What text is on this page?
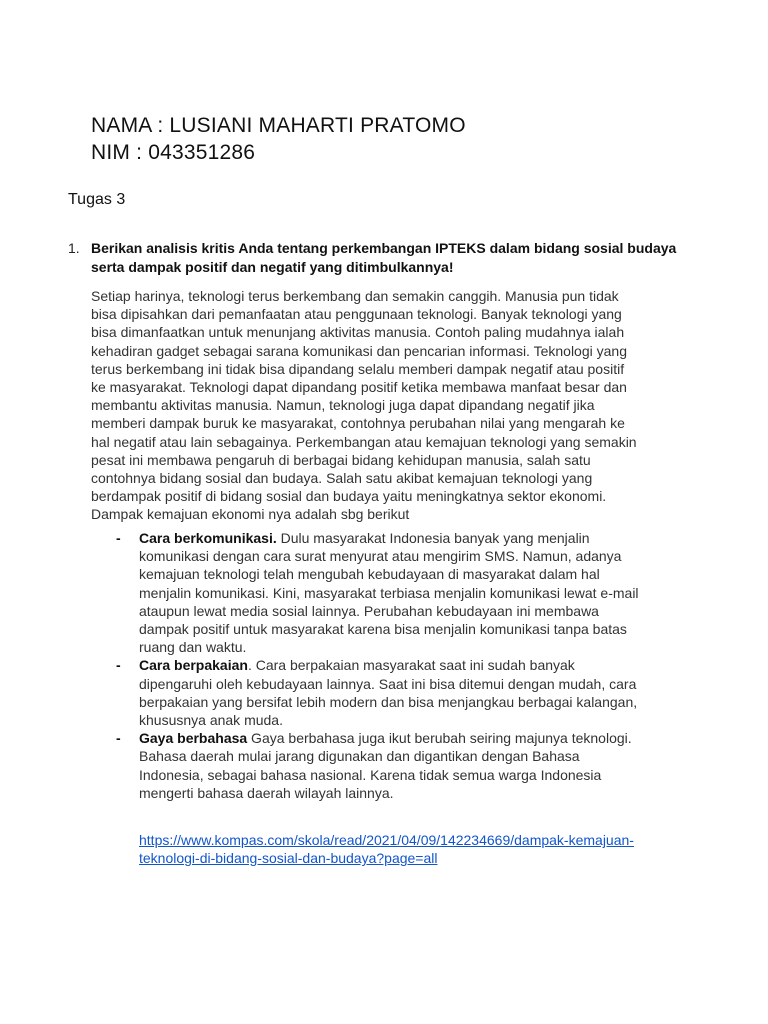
NAMA : LUSIANI MAHARTI PRATOMO
NIM : 043351286
Tugas 3
1. Berikan analisis kritis Anda tentang perkembangan IPTEKS dalam bidang sosial budaya serta dampak positif dan negatif yang ditimbulkannya!
Setiap harinya, teknologi terus berkembang dan semakin canggih. Manusia pun tidak
bisa dipisahkan dari pemanfaatan atau penggunaan teknologi. Banyak teknologi yang
bisa dimanfaatkan untuk menunjang aktivitas manusia. Contoh paling mudahnya ialah
kehadiran gadget sebagai sarana komunikasi dan pencarian informasi. Teknologi yang
terus berkembang ini tidak bisa dipandang selalu memberi dampak negatif atau positif
ke masyarakat. Teknologi dapat dipandang positif ketika membawa manfaat besar dan
membantu aktivitas manusia. Namun, teknologi juga dapat dipandang negatif jika
memberi dampak buruk ke masyarakat, contohnya perubahan nilai yang mengarah ke
hal negatif atau lain sebagainya. Perkembangan atau kemajuan teknologi yang semakin
pesat ini membawa pengaruh di berbagai bidang kehidupan manusia, salah satu
contohnya bidang sosial dan budaya. Salah satu akibat kemajuan teknologi yang
berdampak positif di bidang sosial dan budaya yaitu meningkatnya sektor ekonomi.
Dampak kemajuan ekonomi nya adalah sbg berikut
- Cara berkomunikasi. Dulu masyarakat Indonesia banyak yang menjalin
komunikasi dengan cara surat menyurat atau mengirim SMS. Namun, adanya
kemajuan teknologi telah mengubah kebudayaan di masyarakat dalam hal
menjalin komunikasi. Kini, masyarakat terbiasa menjalin komunikasi lewat e-mail
ataupun lewat media sosial lainnya. Perubahan kebudayaan ini membawa
dampak positif untuk masyarakat karena bisa menjalin komunikasi tanpa batas
ruang dan waktu.
- Cara berpakaian. Cara berpakaian masyarakat saat ini sudah banyak
dipengaruhi oleh kebudayaan lainnya. Saat ini bisa ditemui dengan mudah, cara
berpakaian yang bersifat lebih modern dan bisa menjangkau berbagai kalangan,
khususnya anak muda.
- Gaya berbahasa Gaya berbahasa juga ikut berubah seiring majunya teknologi.
Bahasa daerah mulai jarang digunakan dan digantikan dengan Bahasa
Indonesia, sebagai bahasa nasional. Karena tidak semua warga Indonesia
mengerti bahasa daerah wilayah lainnya.
https://www.kompas.com/skola/read/2021/04/09/142234669/dampak-kemajuan-
teknologi-di-bidang-sosial-dan-budaya?page=all
